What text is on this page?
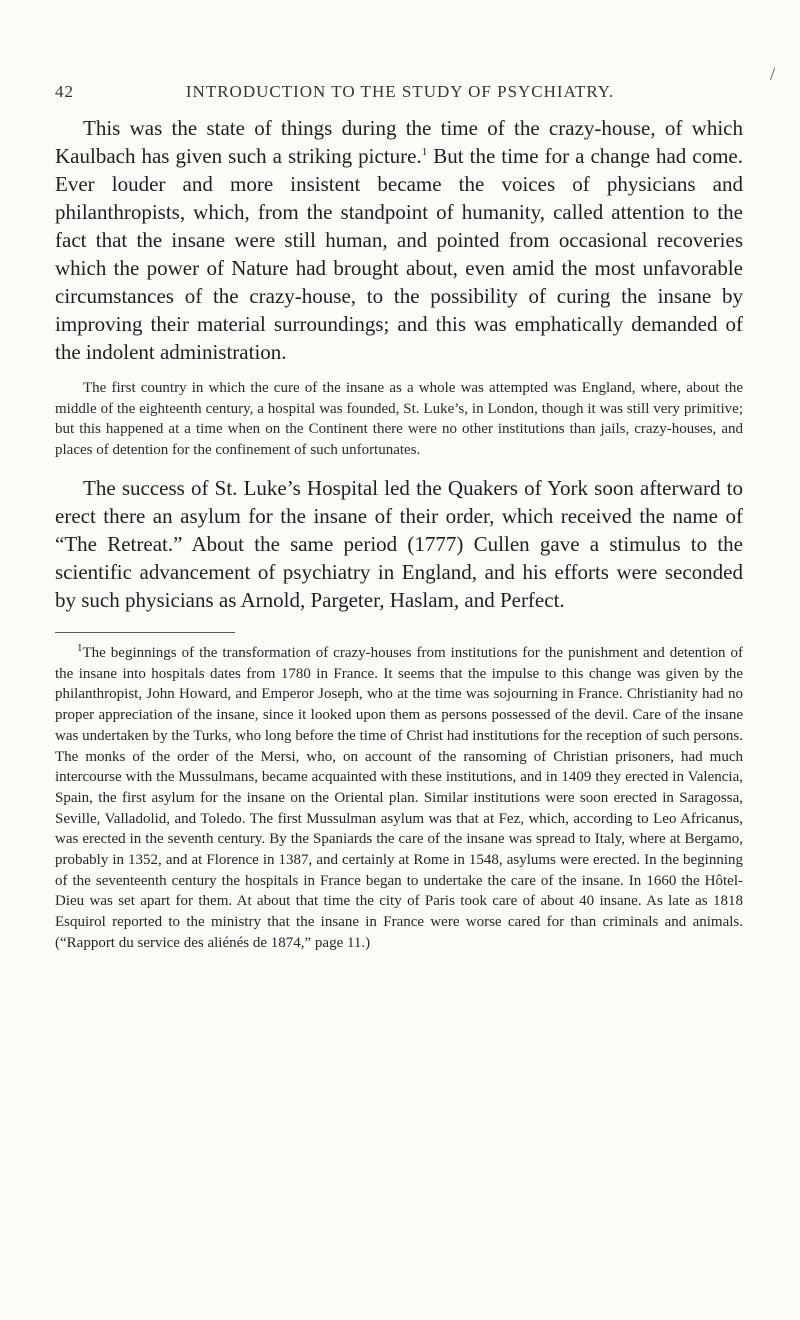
/
42	INTRODUCTION TO THE STUDY OF PSYCHIATRY.

This was the state of things during the time of the crazy-house, of which Kaulbach has given such a striking picture.$^1$ But the time for a change had come. Ever louder and more insistent became the voices of physicians and philanthropists, which, from the standpoint of humanity, called attention to the fact that the insane were still human, and pointed from occasional recoveries which the power of Nature had brought about, even amid the most unfavorable circumstances of the crazy-house, to the possibility of curing the insane by improving their material surroundings; and this was emphatically demanded of the indolent administration.

The first country in which the cure of the insane as a whole was attempted was England, where, about the middle of the eighteenth century, a hospital was founded, St. Luke’s, in London, though it was still very primitive; but this happened at a time when on the Continent there were no other institutions than jails, crazy-houses, and places of detention for the confinement of such unfortunates.

The success of St. Luke’s Hospital led the Quakers of York soon afterward to erect there an asylum for the insane of their order, which received the name of “The Retreat.” About the same period (1777) Cullen gave a stimulus to the scientific advancement of psychiatry in England, and his efforts were seconded by such physicians as Arnold, Pargeter, Haslam, and Perfect.

$^1$The beginnings of the transformation of crazy-houses from institutions for the punishment and detention of the insane into hospitals dates from 1780 in France. It seems that the impulse to this change was given by the philanthropist, John Howard, and Emperor Joseph, who at the time was sojourning in France. Christianity had no proper appreciation of the insane, since it looked upon them as persons possessed of the devil. Care of the insane was undertaken by the Turks, who long before the time of Christ had institutions for the reception of such persons. The monks of the order of the Mersi, who, on account of the ransoming of Christian prisoners, had much intercourse with the Mussulmans, became acquainted with these institutions, and in 1409 they erected in Valencia, Spain, the first asylum for the insane on the Oriental plan. Similar institutions were soon erected in Saragossa, Seville, Valladolid, and Toledo. The first Mussulman asylum was that at Fez, which, according to Leo Africanus, was erected in the seventh century. By the Spaniards the care of the insane was spread to Italy, where at Bergamo, probably in 1352, and at Florence in 1387, and certainly at Rome in 1548, asylums were erected. In the beginning of the seventeenth century the hospitals in France began to undertake the care of the insane. In 1660 the Hôtel-Dieu was set apart for them. At about that time the city of Paris took care of about 40 insane. As late as 1818 Esquirol reported to the ministry that the insane in France were worse cared for than criminals and animals. (“Rapport du service des aliénés de 1874,” page 11.)
